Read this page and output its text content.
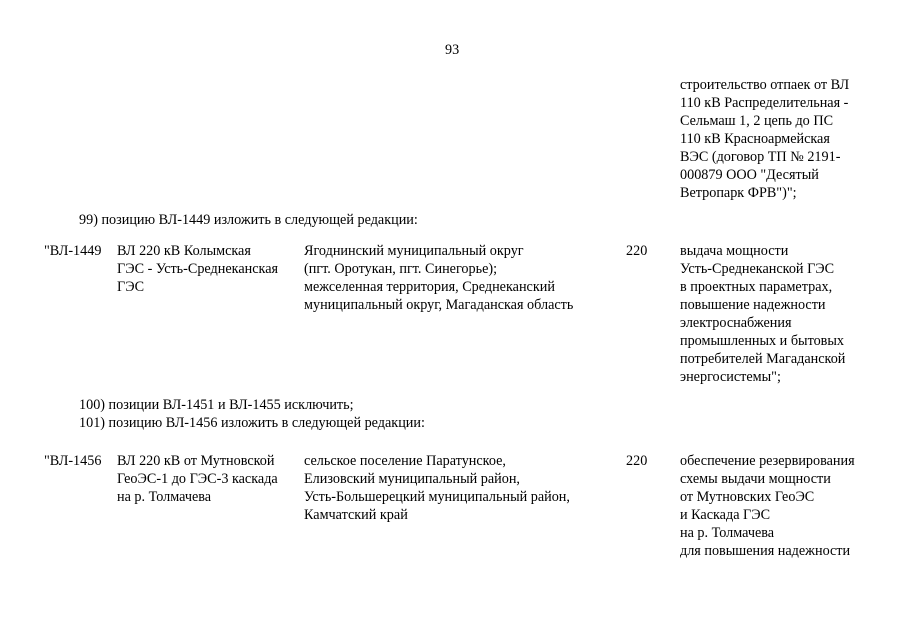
93
строительство отпаек от ВЛ
110 кВ Распределительная -
Сельмаш 1, 2 цепь до ПС
110 кВ Красноармейская
ВЭС (договор ТП № 2191-
000879 ООО "Десятый
Ветропарк ФРВ")";
99) позицию ВЛ-1449 изложить в следующей редакции:
"ВЛ-1449 ВЛ 220 кВ Колымская
ГЭС - Усть-Среднеканская
ГЭС
Ягоднинский муниципальный округ
(пгт. Оротукан, пгт. Синегорье);
межселенная территория, Среднеканский
муниципальный округ, Магаданская область
220 выдача мощности
Усть-Среднеканской ГЭС
в проектных параметрах,
повышение надежности
электроснабжения
промышленных и бытовых
потребителей Магаданской
энергосистемы";
100) позиции ВЛ-1451 и ВЛ-1455 исключить;
101) позицию ВЛ-1456 изложить в следующей редакции:
"ВЛ-1456 ВЛ 220 кВ от Мутновской
ГеоЭС-1 до ГЭС-3 каскада
на р. Толмачева
сельское поселение Паратунское,
Елизовский муниципальный район,
Усть-Большерецкий муниципальный район,
Камчатский край
220 обеспечение резервирования
схемы выдачи мощности
от Мутновских ГеоЭС
и Каскада ГЭС
на р. Толмачева
для повышения надежности
